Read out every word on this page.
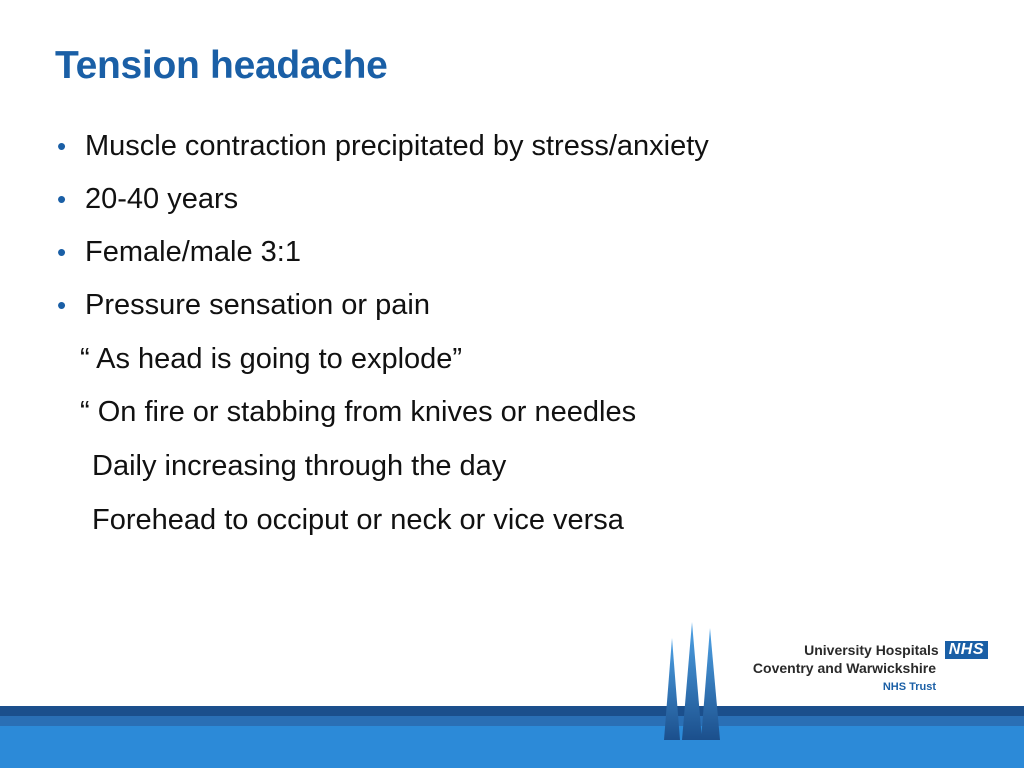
Tension headache
• Muscle contraction precipitated by stress/anxiety
• 20-40 years
• Female/male 3:1
• Pressure sensation or pain
“ As head is going to explode”
“ On fire or stabbing from knives or needles
Daily increasing through the day
Forehead to occiput or neck or vice versa
University Hospitals NHS
Coventry and Warwickshire
NHS Trust
